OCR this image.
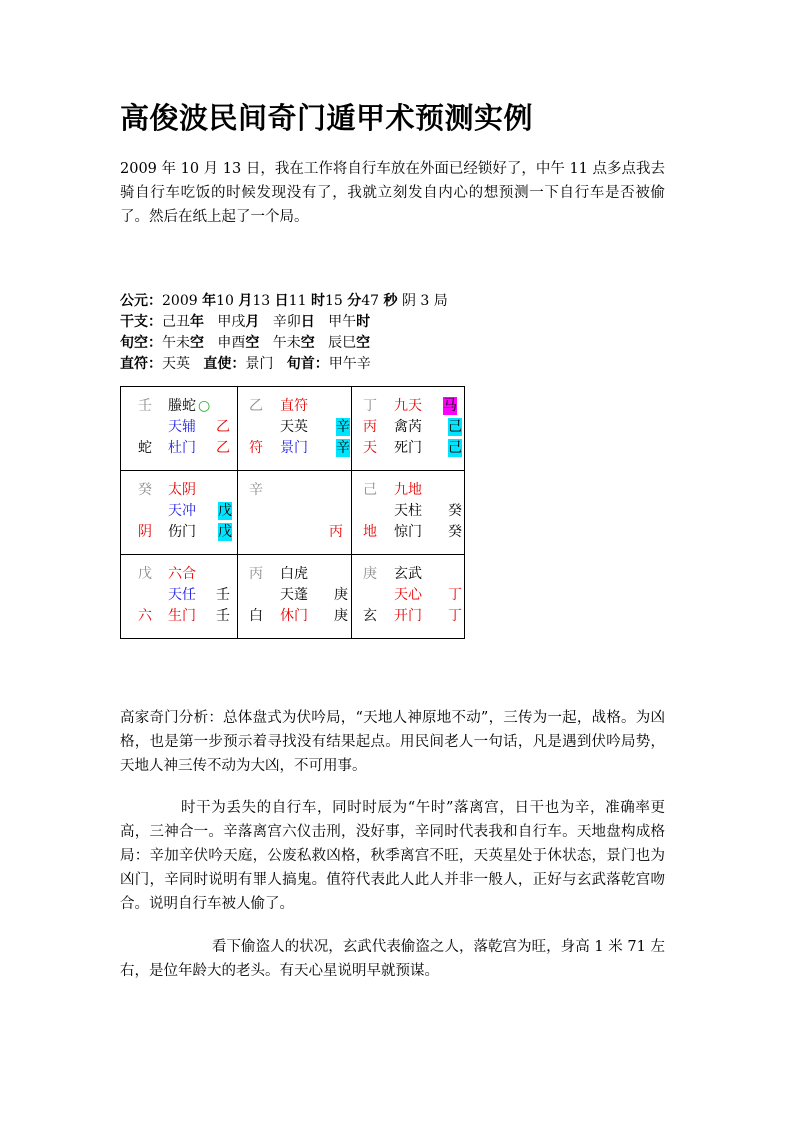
高俊波民间奇门遁甲术预测实例
2009 年 10 月 13 日，我在工作将自行车放在外面已经锁好了，中午 11 点多点我去骑自行车吃饭的时候发现没有了，我就立刻发自内心的想预测一下自行车是否被偷了。然后在纸上起了一个局。
公元：2009 年10 月13 日11 时15 分47 秒 阴 3 局
干支：己丑年 甲戌月 辛卯日 甲午时
旬空：午未空 申酉空 午未空 辰巳空
直符：天英 直使：景门 旬首：甲午辛
壬 螣蛇 ○
天辅 乙
蛇 杜门 乙
乙 直符
天英 辛
符 景门 辛
丁 九天 马
丙 禽芮 己
天 死门 己
癸 太阴
天冲 戊
阴 伤门 戊
辛
丙
己 九地
天柱 癸
地 惊门 癸
戊 六合
天任 壬
六 生门 壬
丙 白虎
天蓬 庚
白 休门 庚
庚 玄武
天心 丁
玄 开门 丁
高家奇门分析：总体盘式为伏吟局，“天地人神原地不动”，三传为一起，战格。为凶格，也是第一步预示着寻找没有结果起点。用民间老人一句话，凡是遇到伏吟局势，天地人神三传不动为大凶，不可用事。
时干为丢失的自行车，同时时辰为“午时”落离宫，日干也为辛，准确率更高，三神合一。辛落离宫六仪击刑，没好事，辛同时代表我和自行车。天地盘构成格局：辛加辛伏吟天庭，公废私救凶格，秋季离宫不旺，天英星处于休状态，景门也为凶门，辛同时说明有罪人搞鬼。值符代表此人此人并非一般人，正好与玄武落乾宫吻合。说明自行车被人偷了。
看下偷盗人的状况，玄武代表偷盗之人，落乾宫为旺，身高 1 米 71 左右，是位年龄大的老头。有天心星说明早就预谋。
